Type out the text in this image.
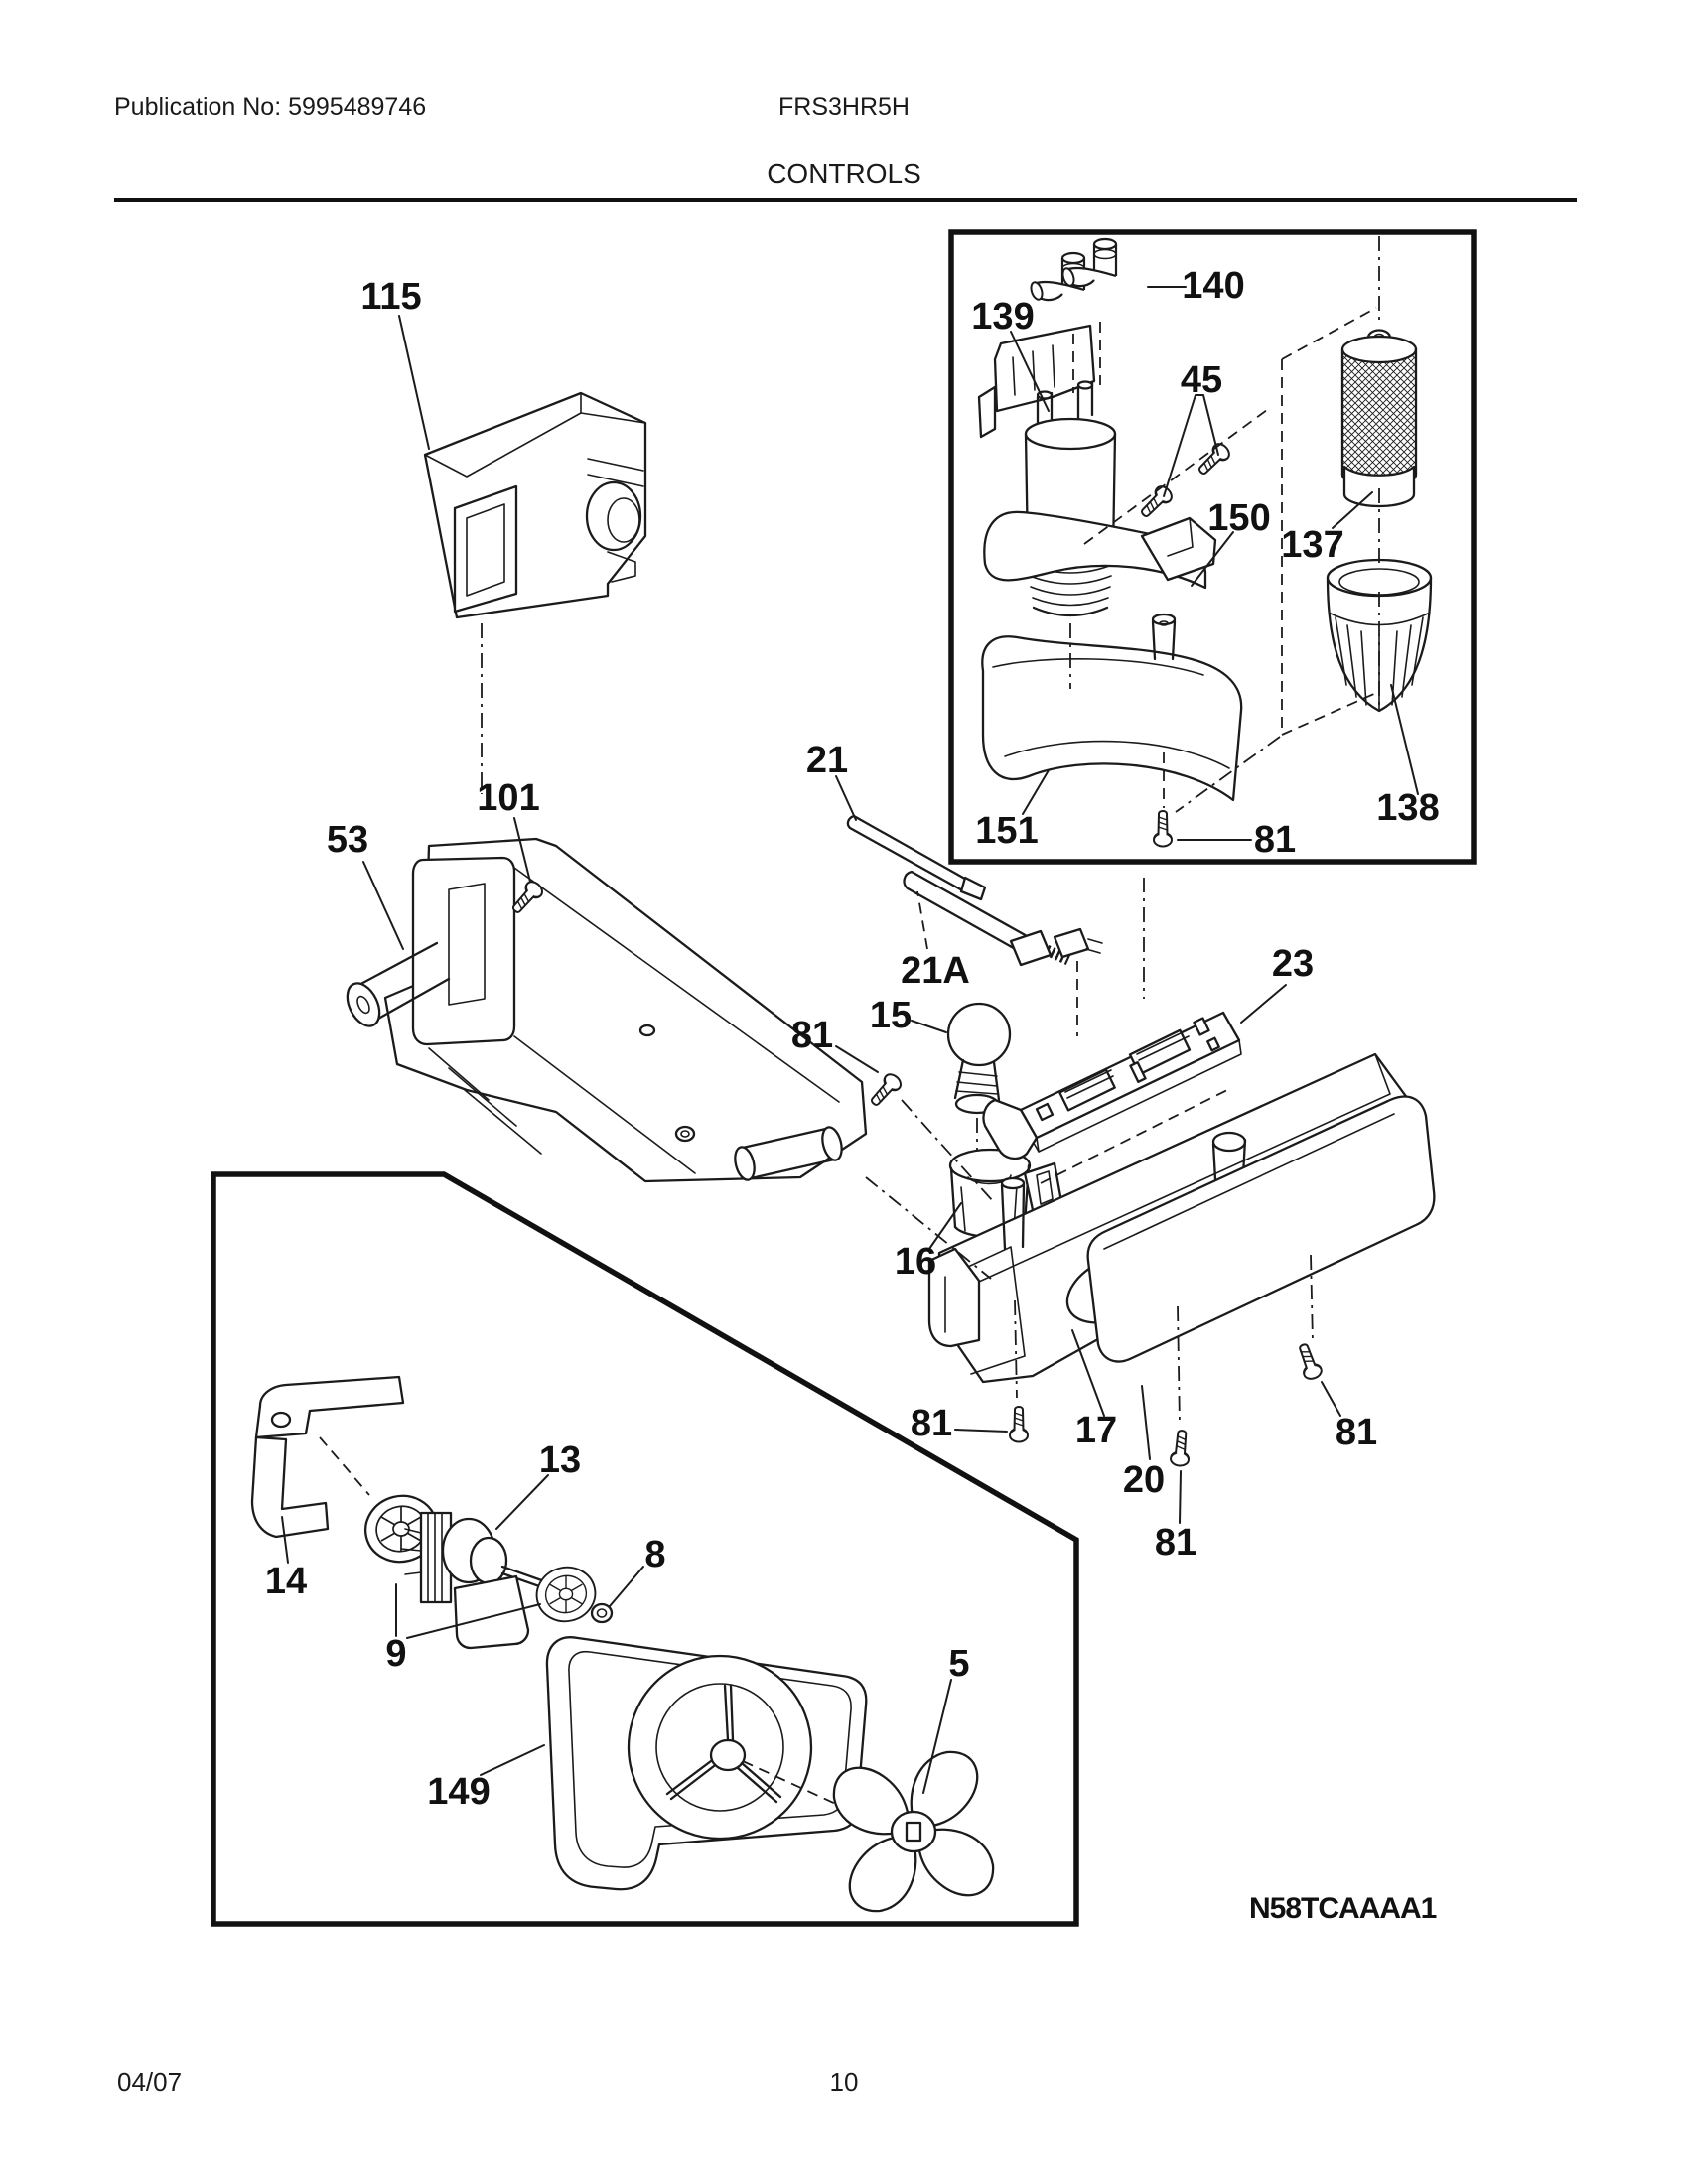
Publication No: 5995489746	FRS3HR5H
CONTROLS
115	139
140
45
150
137
138
151	81
21
101
53
21A	23
15
16
81
81	17
20
81
81
13
8
14
9	5
149
N58TCAAAA1
04/07	10
